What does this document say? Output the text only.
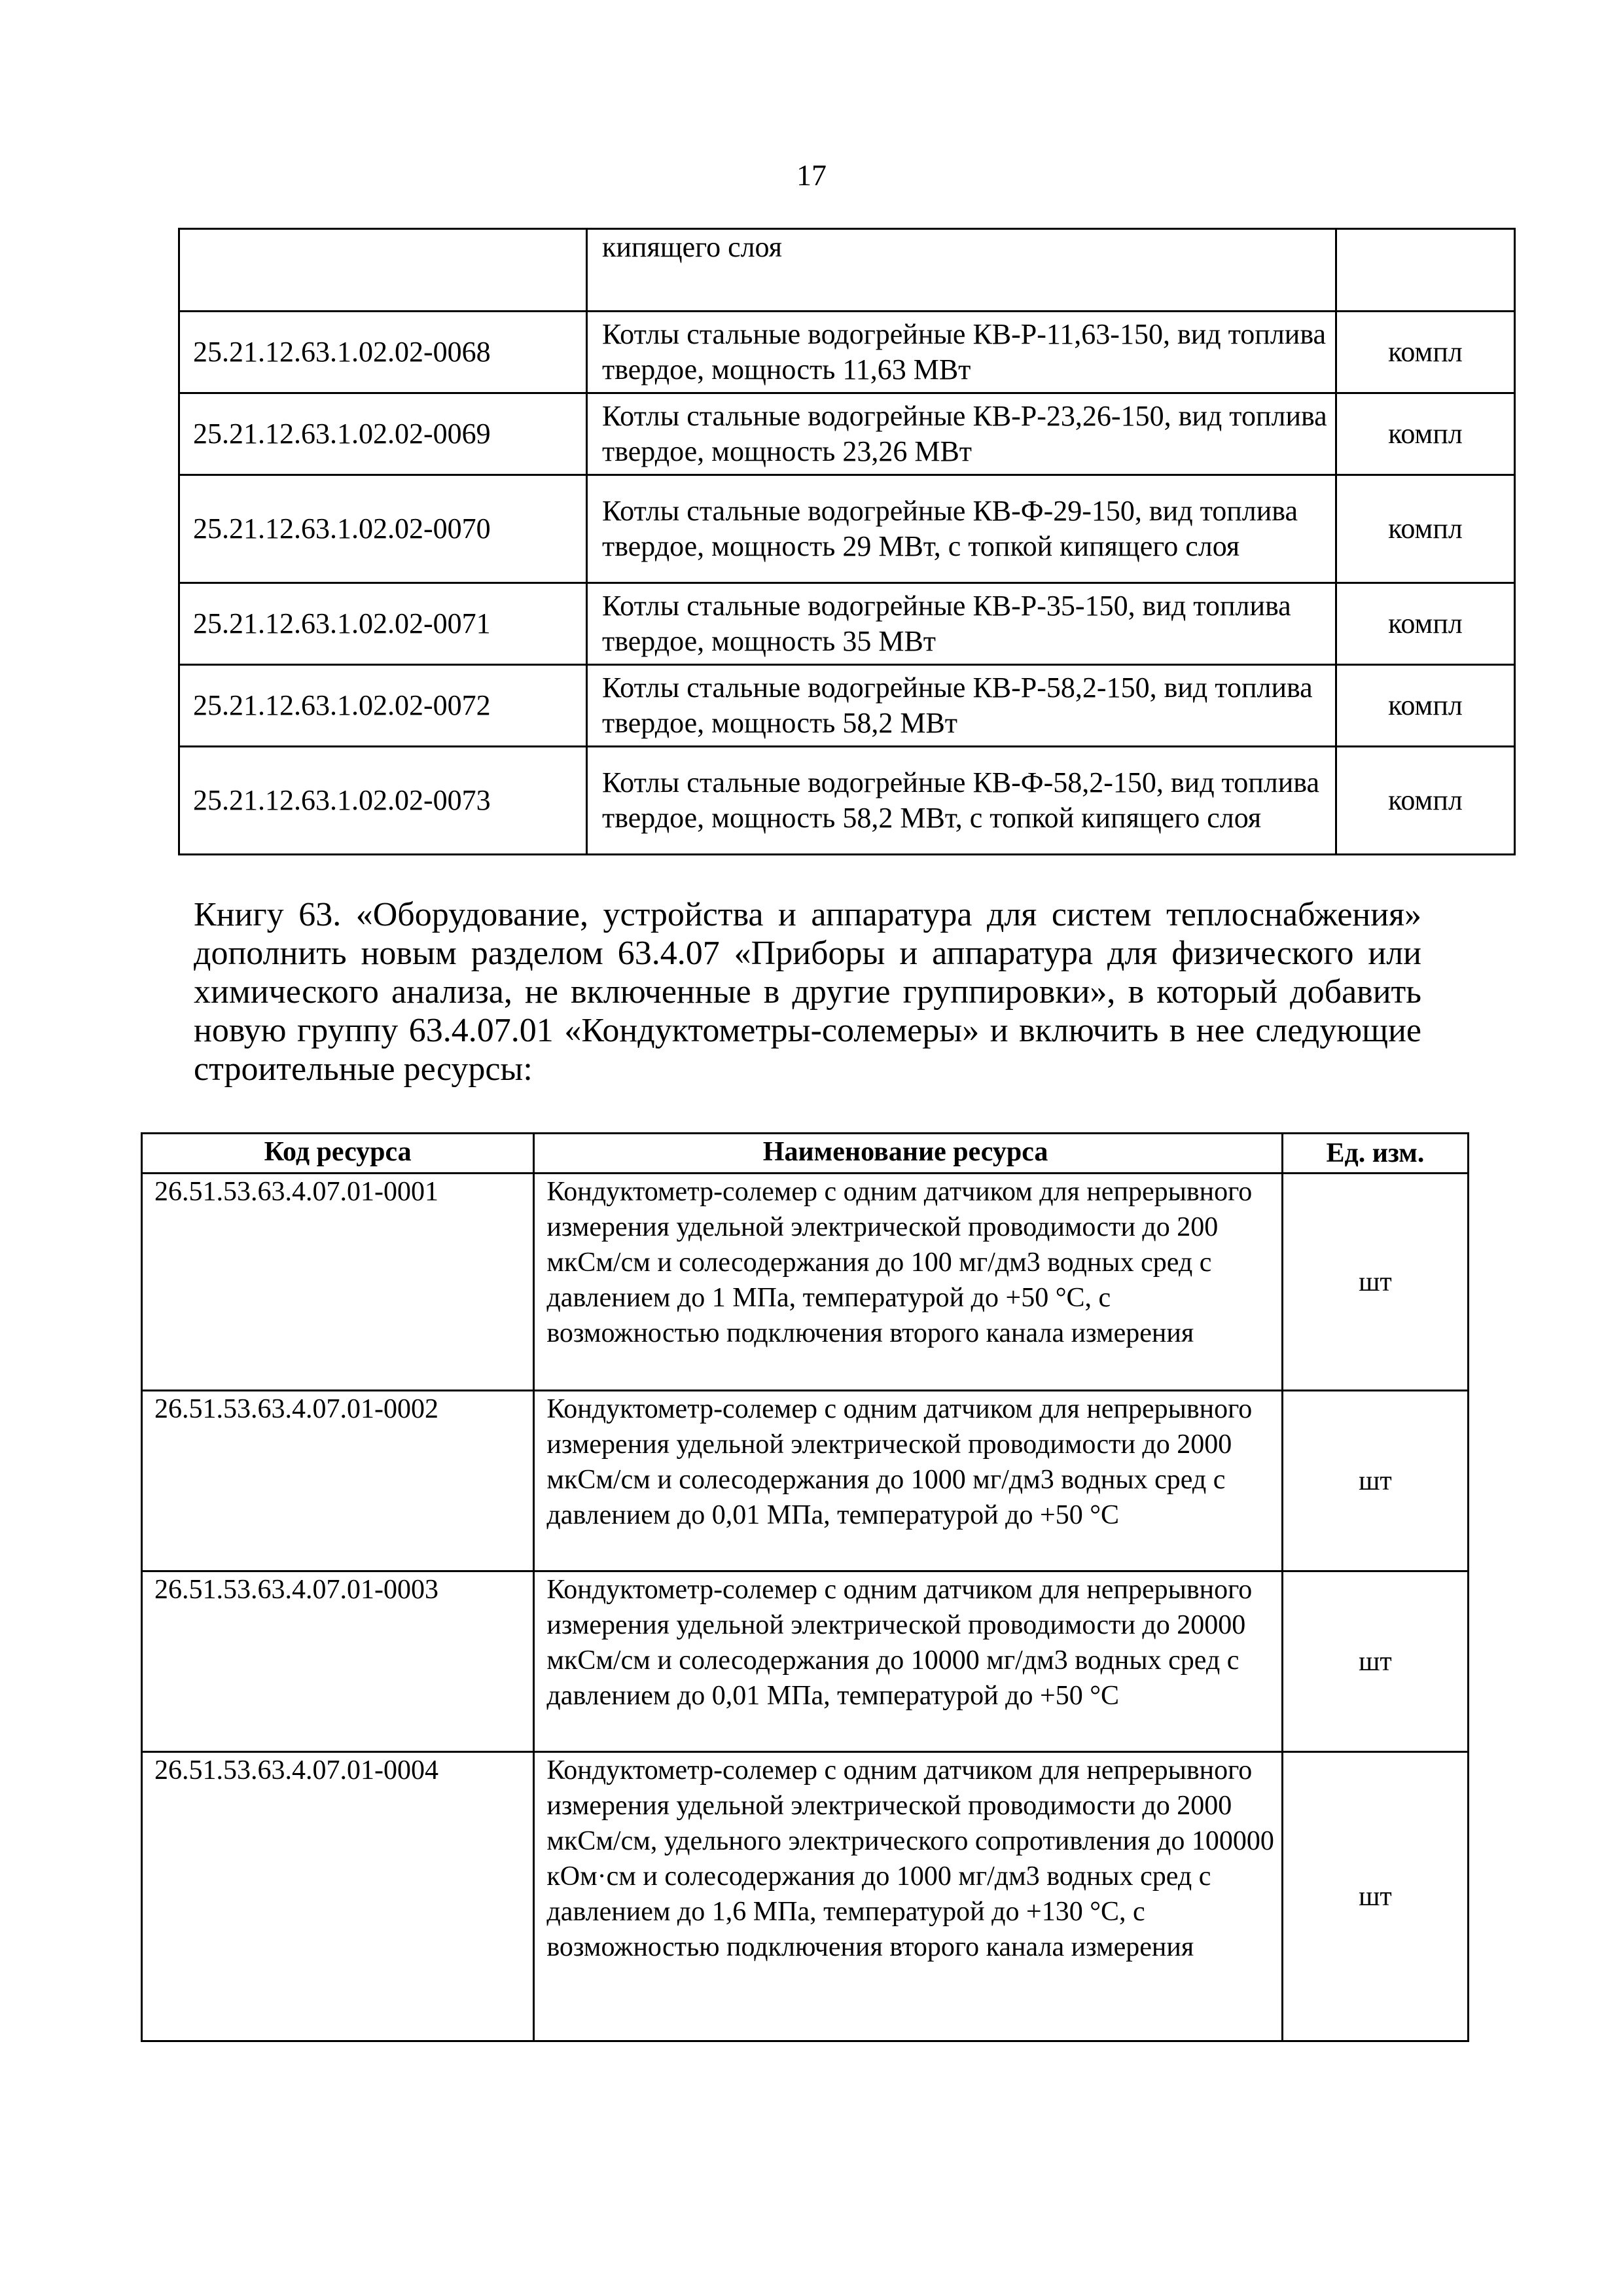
17
	кипящего слоя	
25.21.12.63.1.02.02-0068	Котлы стальные водогрейные КВ-Р-11,63-150, вид топлива твердое, мощность 11,63 МВт	компл
25.21.12.63.1.02.02-0069	Котлы стальные водогрейные КВ-Р-23,26-150, вид топлива твердое, мощность 23,26 МВт	компл
25.21.12.63.1.02.02-0070	Котлы стальные водогрейные КВ-Ф-29-150, вид топлива твердое, мощность 29 МВт, с топкой кипящего слоя	компл
25.21.12.63.1.02.02-0071	Котлы стальные водогрейные КВ-Р-35-150, вид топлива твердое, мощность 35 МВт	компл
25.21.12.63.1.02.02-0072	Котлы стальные водогрейные КВ-Р-58,2-150, вид топлива твердое, мощность 58,2 МВт	компл
25.21.12.63.1.02.02-0073	Котлы стальные водогрейные КВ-Ф-58,2-150, вид топлива твердое, мощность 58,2 МВт, с топкой кипящего слоя	компл

Книгу 63. «Оборудование, устройства и аппаратура для систем теплоснабжения» дополнить новым разделом 63.4.07 «Приборы и аппаратура для физического или химического анализа, не включенные в другие группировки», в который добавить новую группу 63.4.07.01 «Кондуктометры-солемеры» и включить в нее следующие строительные ресурсы:

Код ресурса	Наименование ресурса	Ед. изм.
26.51.53.63.4.07.01-0001	Кондуктометр-солемер с одним датчиком для непрерывного измерения удельной электрической проводимости до 200 мкСм/см и солесодержания до 100 мг/дм3 водных сред с давлением до 1 МПа, температурой до +50 °С, с возможностью подключения второго канала измерения	шт
26.51.53.63.4.07.01-0002	Кондуктометр-солемер с одним датчиком для непрерывного измерения удельной электрической проводимости до 2000 мкСм/см и солесодержания до 1000 мг/дм3 водных сред с давлением до 0,01 МПа, температурой до +50 °С	шт
26.51.53.63.4.07.01-0003	Кондуктометр-солемер с одним датчиком для непрерывного измерения удельной электрической проводимости до 20000 мкСм/см и солесодержания до 10000 мг/дм3 водных сред с давлением до 0,01 МПа, температурой до +50 °С	шт
26.51.53.63.4.07.01-0004	Кондуктометр-солемер с одним датчиком для непрерывного измерения удельной электрической проводимости до 2000 мкСм/см, удельного электрического сопротивления до 100000 кОм·см и солесодержания до 1000 мг/дм3 водных сред с давлением до 1,6 МПа, температурой до +130 °С, с возможностью подключения второго канала измерения	шт
